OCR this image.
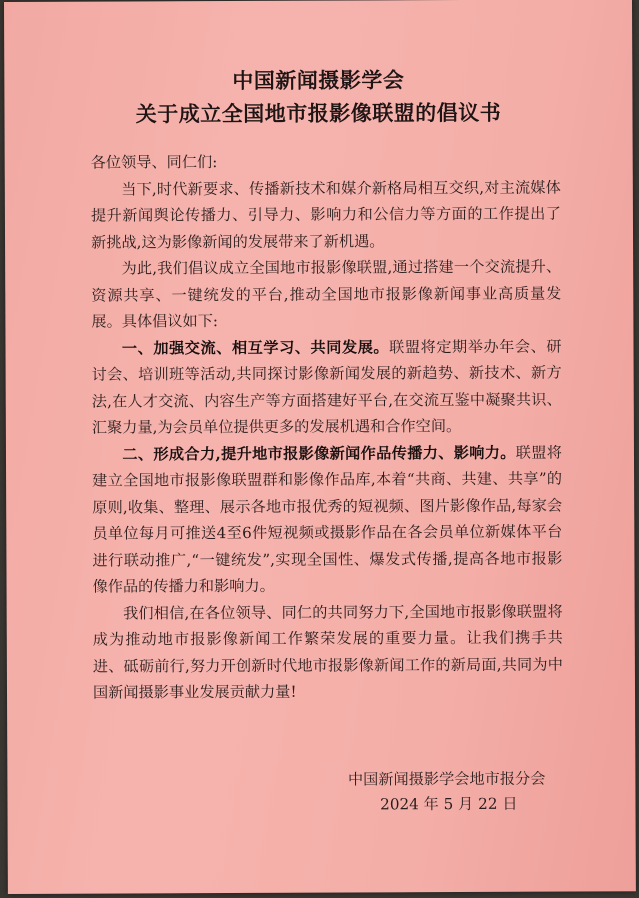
中国新闻摄影学会
关于成立全国地市报影像联盟的倡议书

各位领导、同仁们:

当下,时代新要求、传播新技术和媒介新格局相互交织,对主流媒体提升新闻舆论传播力、引导力、影响力和公信力等方面的工作提出了新挑战,这为影像新闻的发展带来了新机遇。

为此,我们倡议成立全国地市报影像联盟,通过搭建一个交流提升、资源共享、一键统发的平台,推动全国地市报影像新闻事业高质量发展。具体倡议如下:

一、加强交流、相互学习、共同发展。联盟将定期举办年会、研讨会、培训班等活动,共同探讨影像新闻发展的新趋势、新技术、新方法,在人才交流、内容生产等方面搭建好平台,在交流互鉴中凝聚共识、汇聚力量,为会员单位提供更多的发展机遇和合作空间。

二、形成合力,提升地市报影像新闻作品传播力、影响力。联盟将建立全国地市报影像联盟群和影像作品库,本着“共商、共建、共享”的原则,收集、整理、展示各地市报优秀的短视频、图片影像作品,每家会员单位每月可推送4至6件短视频或摄影作品在各会员单位新媒体平台进行联动推广,“一键统发”,实现全国性、爆发式传播,提高各地市报影像作品的传播力和影响力。

我们相信,在各位领导、同仁的共同努力下,全国地市报影像联盟将成为推动地市报影像新闻工作繁荣发展的重要力量。让我们携手共进、砥砺前行,努力开创新时代地市报影像新闻工作的新局面,共同为中国新闻摄影事业发展贡献力量!

中国新闻摄影学会地市报分会
2024 年 5 月 22 日
